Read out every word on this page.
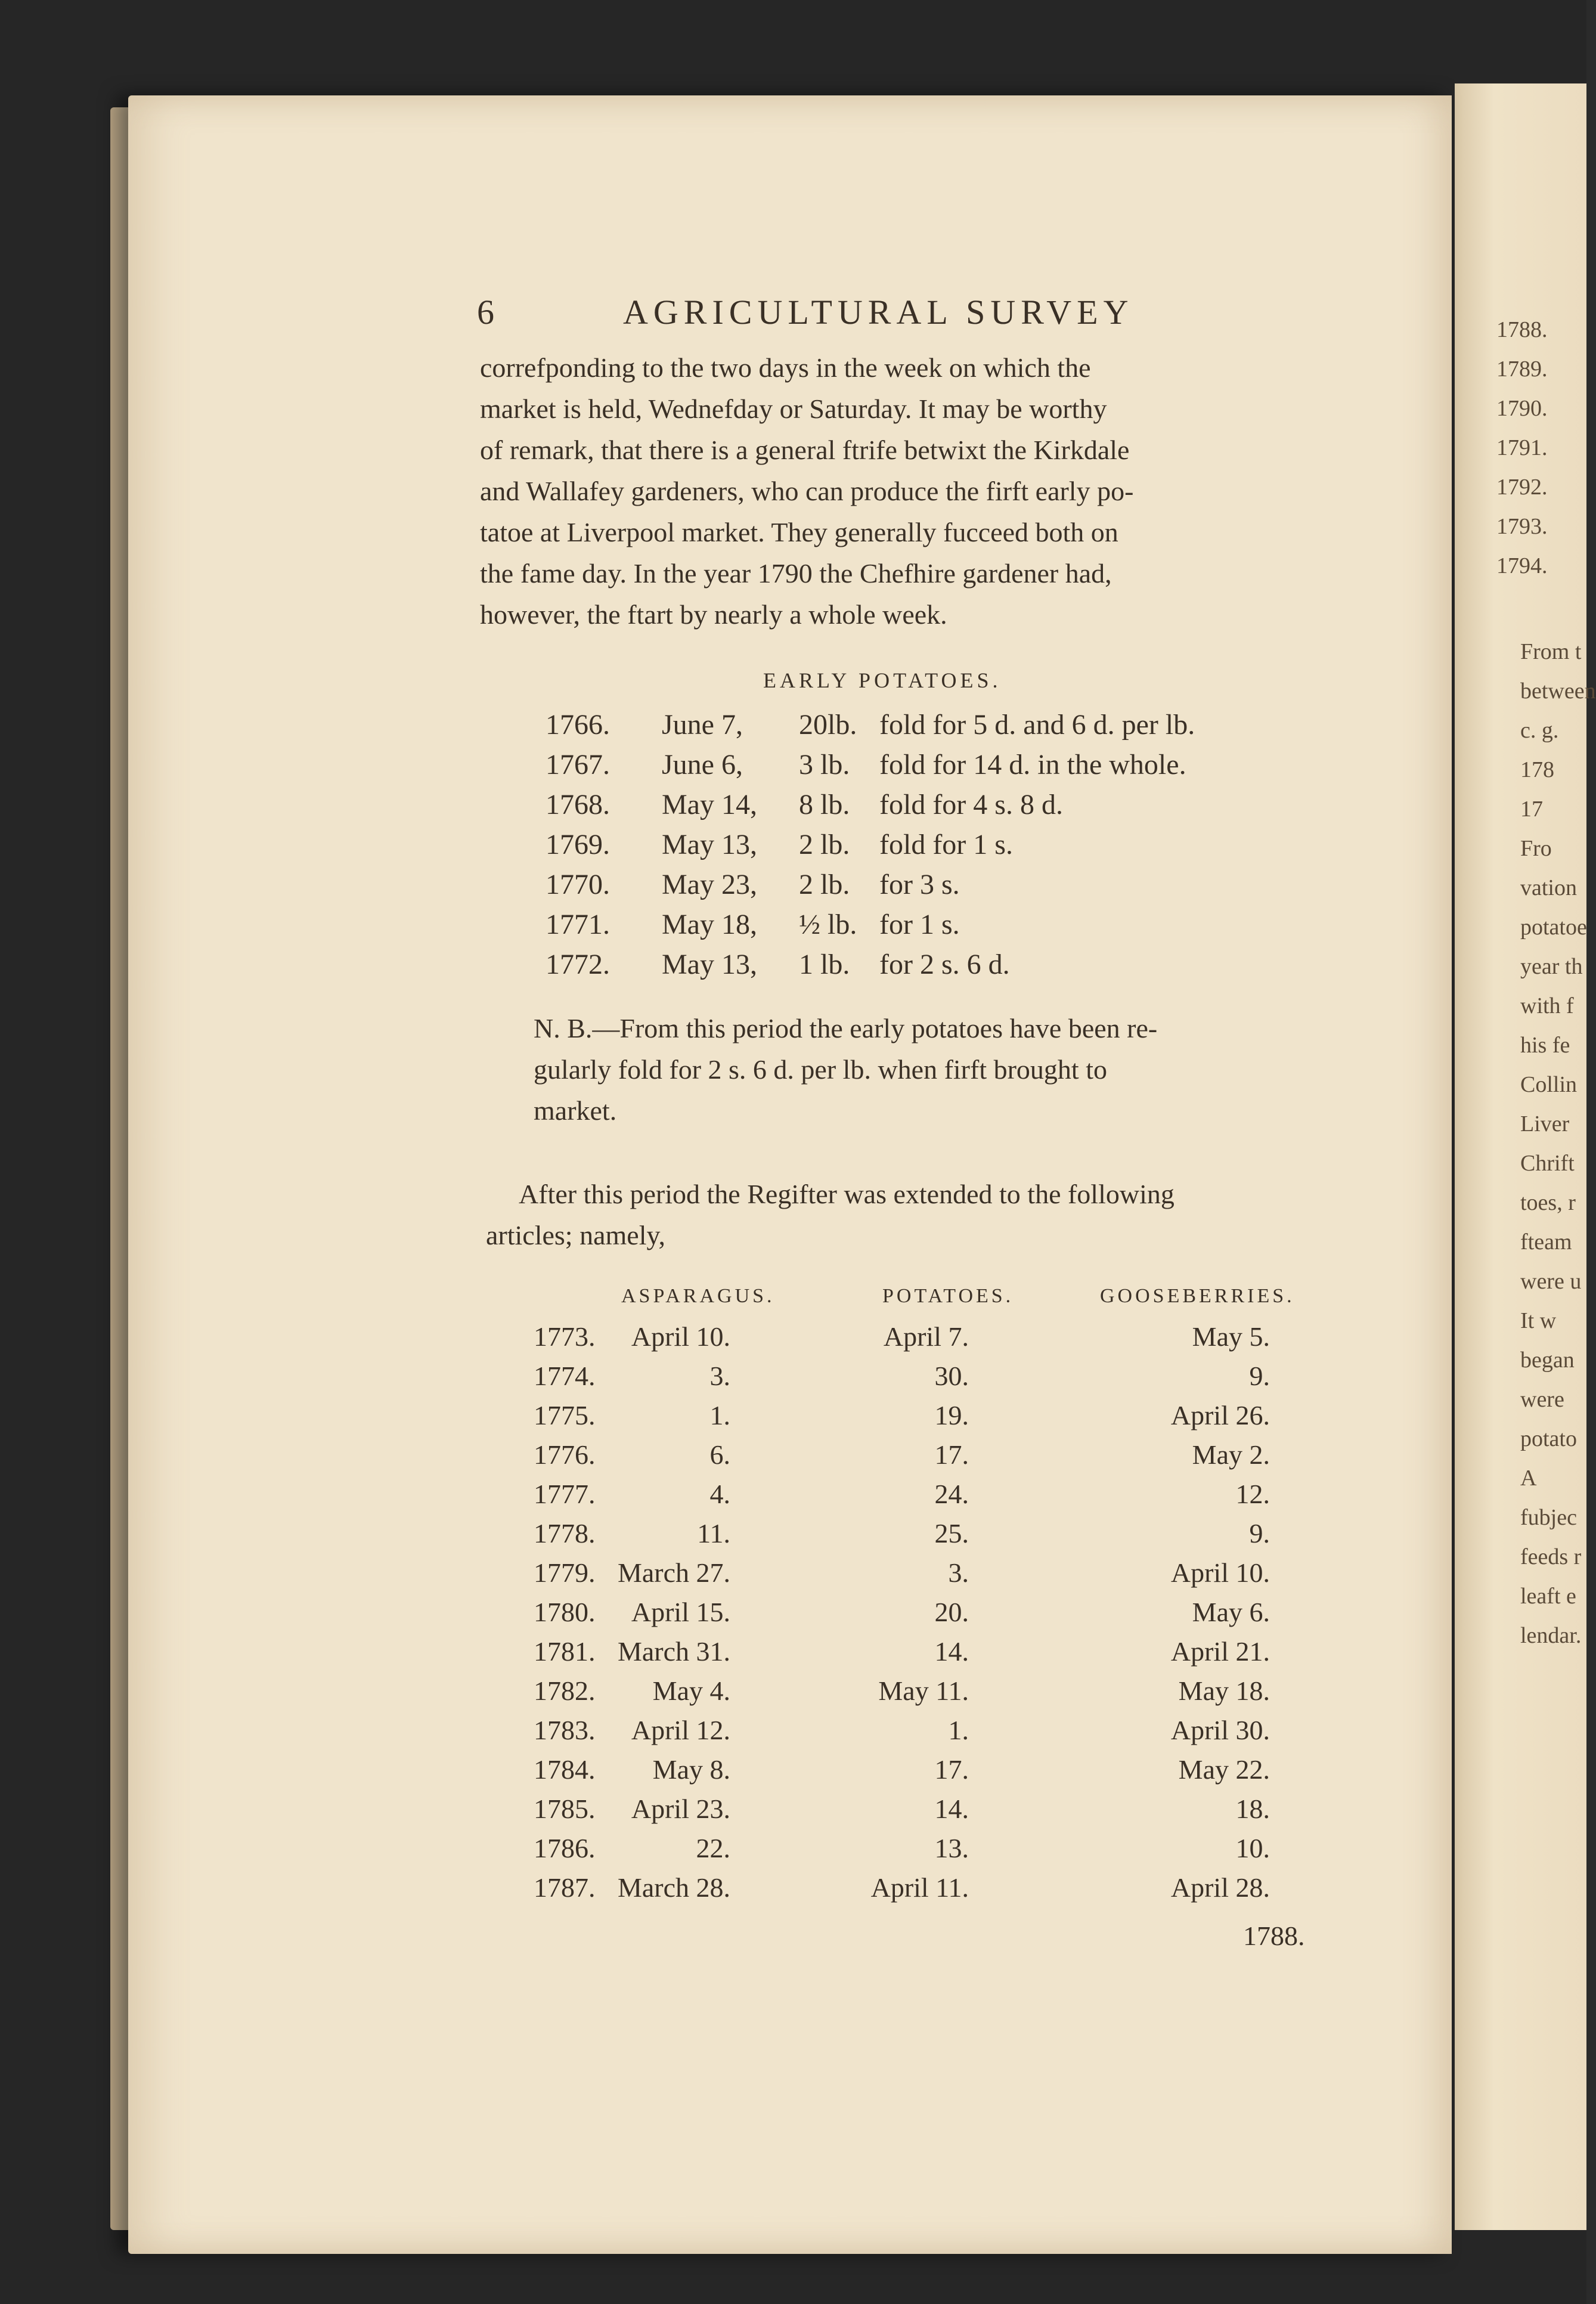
1788.
1789.
1790.
1791.
1792.
1793.
1794.
From t
between
c. g.
178
17
Fro
vation
potatoe
year th
with f
his fe
Collin
Liver
Chrift
toes, r
fteam
were u
It w
began
were
potato
A
fubjec
feeds r
leaft e
lendar.
6	AGRICULTURAL SURVEY
correfponding to the two days in the week on which the
market is held, Wednefday or Saturday. It may be worthy
of remark, that there is a general ftrife betwixt the Kirkdale
and Wallafey gardeners, who can produce the firft early po-
tatoe at Liverpool market. They generally fucceed both on
the fame day. In the year 1790 the Chefhire gardener had,
however, the ftart by nearly a whole week.
EARLY POTATOES.
1766. June 7, 20lb. fold for 5 d. and 6 d. per lb.
1767. June 6, 3 lb.	fold for 14 d. in the whole.
1768. May 14, 8 lb.	fold for 4 s. 8 d.
1769. May 13, 2 lb.	fold for 1 s.
1770. May 23, 2 lb.	for 3 s.
1771. May 18, ½ lb. for 1 s.
1772. May 13, 1 lb.	for 2 s. 6 d.
N. B.—From this period the early potatoes have been re-
gularly fold for 2 s. 6 d. per lb. when firft brought to
market.
After this period the Regifter was extended to the following
articles; namely,
ASPARAGUS.	POTATOES.	GOOSEBERRIES.
1773.	April 10.	April 7.	May 5.
1774.	3.	30.	9.
1775.	1.	19.	April 26.
1776.	6.	17.	May 2.
1777.	4.	24.	12.
1778.	11.	25.	9.
1779. March 27.	3.	April 10.
1780.	April 15.	20.	May 6.
1781. March 31.	14.	April 21.
1782.	May 4.	May 11.	May 18.
1783.	April 12.	1.	April 30.
1784.	May 8.	17.	May 22.
1785.	April 23.	14.	18.
1786.	22.	13.	10.
1787. March 28.	April 11.	April 28.
1788.
